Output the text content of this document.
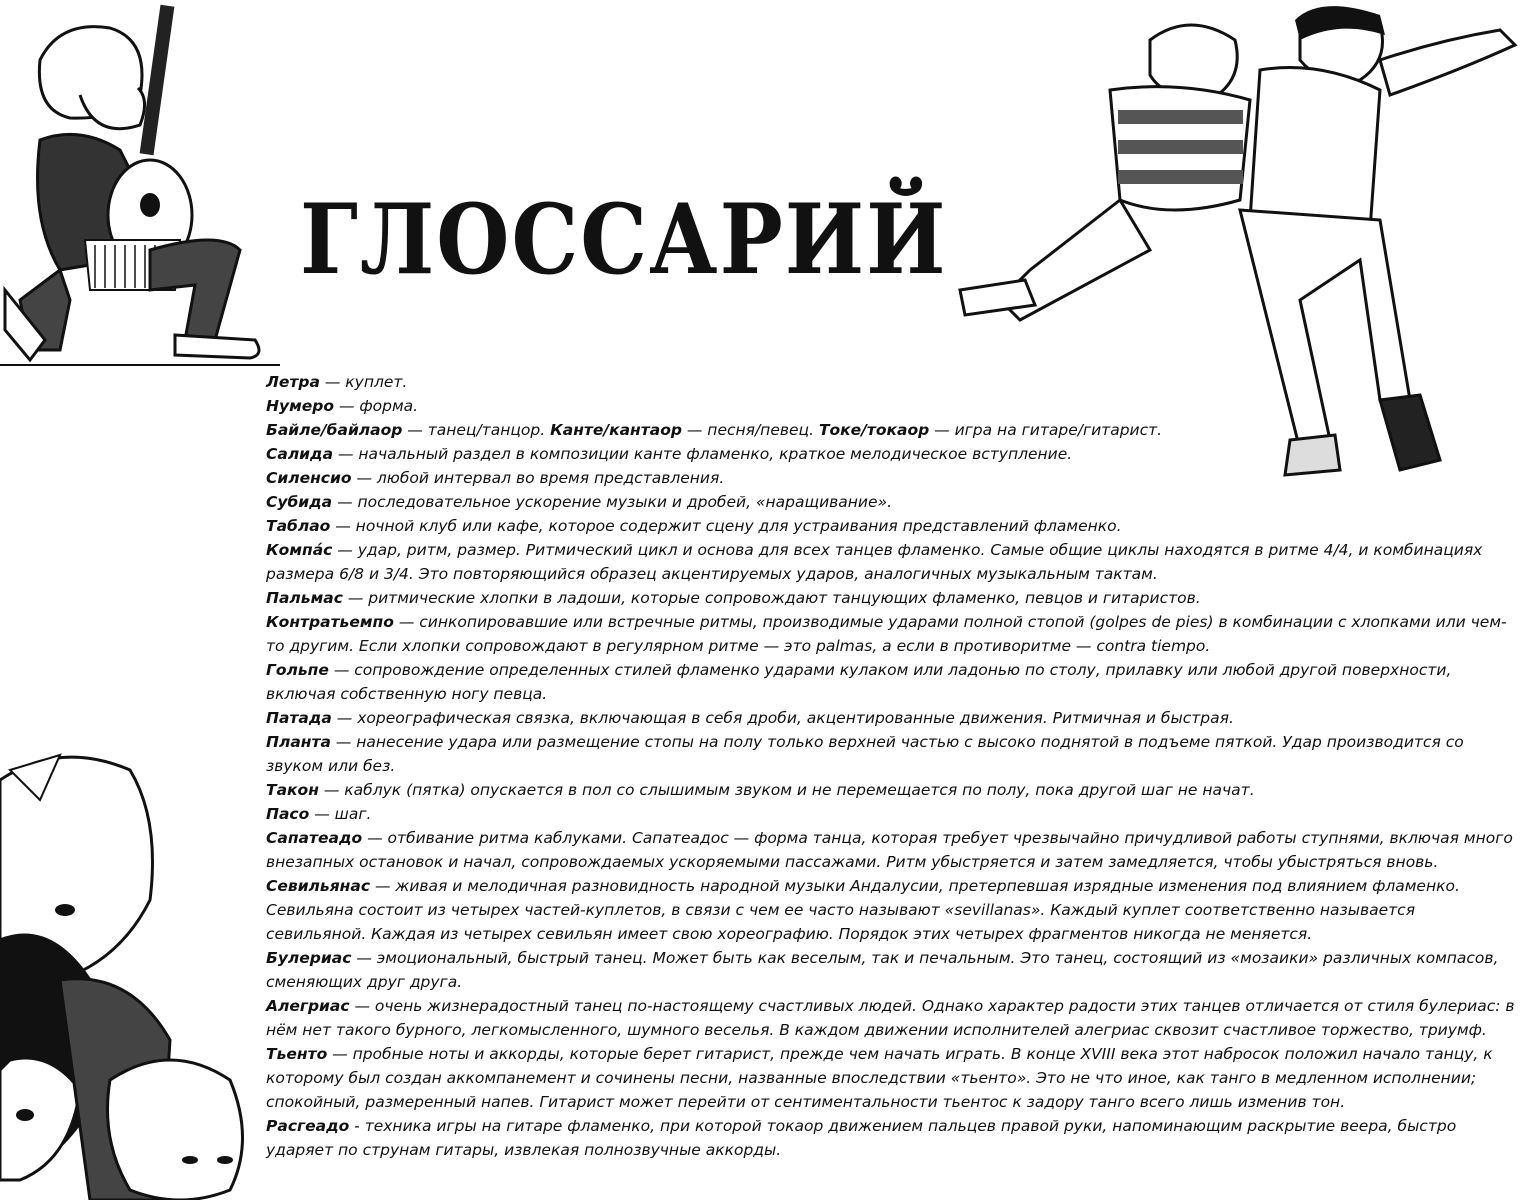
ГЛОССАРИЙ

Летра — куплет.

Нумеро — форма.

Байле/байлаор — танец/танцор. Канте/кантаор — песня/певец. Токе/токаор — игра на гитаре/гитарист.

Салида — начальный раздел в композиции канте фламенко, краткое мелодическое вступление.

Силенсио — любой интервал во время представления.

Субида — последовательное ускорение музыки и дробей, «наращивание».

Таблао — ночной клуб или кафе, которое содержит сцену для устраивания представлений фламенко.

Компа́с — удар, ритм, размер. Ритмический цикл и основа для всех танцев фламенко. Самые общие циклы находятся в ритме 4/4, и комбинациях размера 6/8 и 3/4. Это повторяющийся образец акцентируемых ударов, аналогичных музыкальным тактам.

Пальмас — ритмические хлопки в ладоши, которые сопровождают танцующих фламенко, певцов и гитаристов.

Контратьемпо — синкопировавшие или встречные ритмы, производимые ударами полной стопой (golpes de pies) в комбинации с хлопками или чем-то другим. Если хлопки сопровождают в регулярном ритме — это palmas, а если в противоритме — contra tiempo.

Гольпе — сопровождение определенных стилей фламенко ударами кулаком или ладонью по столу, прилавку или любой другой поверхности, включая собственную ногу певца.

Патада — хореографическая связка, включающая в себя дроби, акцентированные движения. Ритмичная и быстрая.

Планта — нанесение удара или размещение стопы на полу только верхней частью с высоко поднятой в подъеме пяткой. Удар производится со звуком или без.

Такон — каблук (пятка) опускается в пол со слышимым звуком и не перемещается по полу, пока другой шаг не начат.

Пасо — шаг.

Сапатеадо — отбивание ритма каблуками. Сапатеадос — форма танца, которая требует чрезвычайно причудливой работы ступнями, включая много внезапных остановок и начал, сопровождаемых ускоряемыми пассажами. Ритм убыстряется и затем замедляется, чтобы убыстряться вновь.

Севильянас — живая и мелодичная разновидность народной музыки Андалусии, претерпевшая изрядные изменения под влиянием фламенко. Севильяна состоит из четырех частей-куплетов, в связи с чем ее часто называют «sevillanas». Каждый куплет соответственно называется севильяной. Каждая из четырех севильян имеет свою хореографию. Порядок этих четырех фрагментов никогда не меняется.

Булериас — эмоциональный, быстрый танец. Может быть как веселым, так и печальным. Это танец, состоящий из «мозаики» различных компасов, сменяющих друг друга.

Алегриас — очень жизнерадостный танец по-настоящему счастливых людей. Однако характер радости этих танцев отличается от стиля булериас: в нём нет такого бурного, легкомысленного, шумного веселья. В каждом движении исполнителей алегриас сквозит счастливое торжество, триумф.

Тьенто — пробные ноты и аккорды, которые берет гитарист, прежде чем начать играть. В конце XVIII века этот набросок положил начало танцу, к которому был создан аккомпанемент и сочинены песни, названные впоследствии «тьенто». Это не что иное, как танго в медленном исполнении; спокойный, размеренный напев. Гитарист может перейти от сентиментальности тьентос к задору танго всего лишь изменив тон.

Расгеадо - техника игры на гитаре фламенко, при которой токаор движением пальцев правой руки, напоминающим раскрытие веера, быстро ударяет по струнам гитары, извлекая полнозвучные аккорды.
